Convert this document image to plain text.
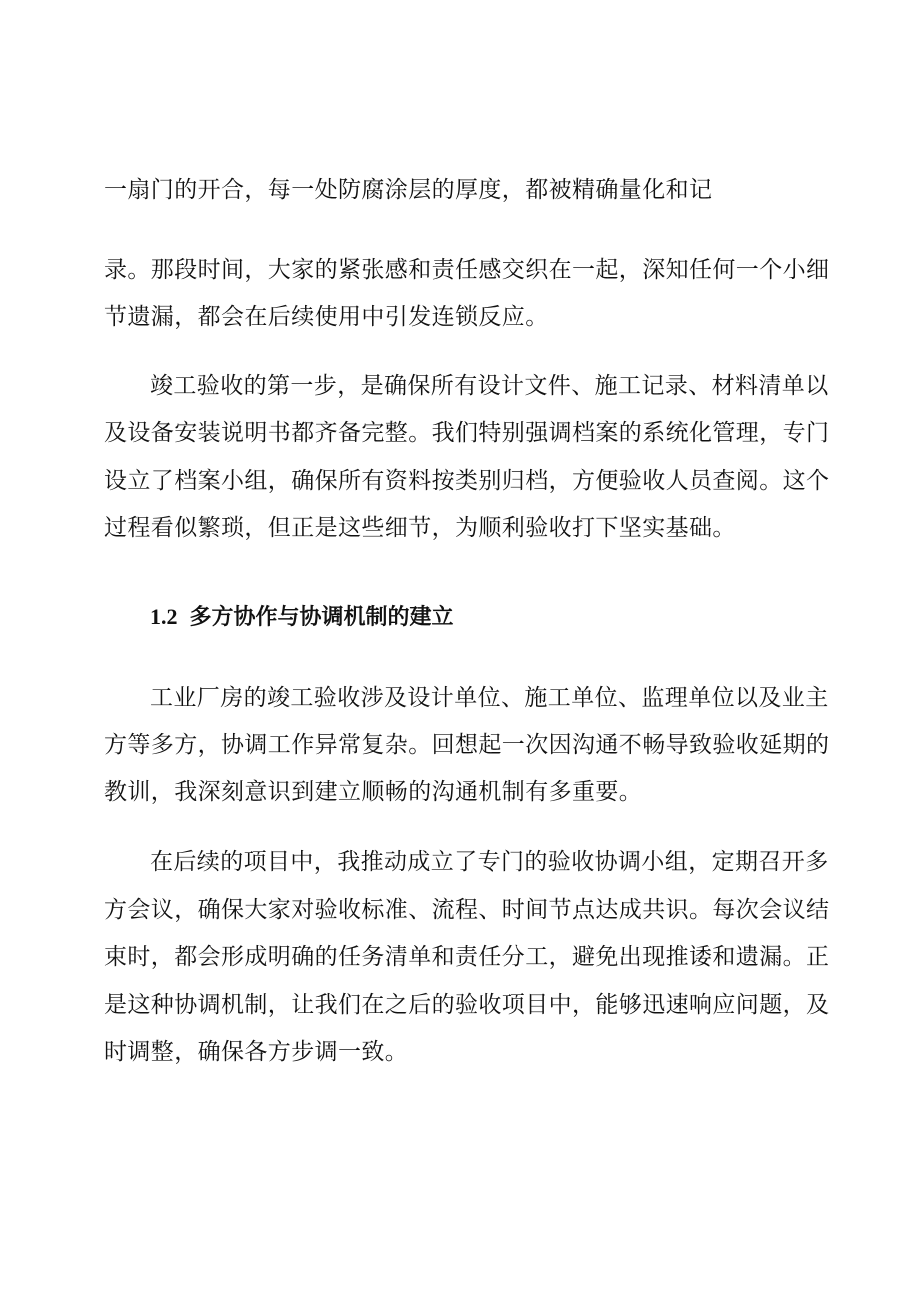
一扇门的开合，每一处防腐涂层的厚度，都被精确量化和记
录。那段时间，大家的紧张感和责任感交织在一起，深知任何一个小细
节遗漏，都会在后续使用中引发连锁反应。
竣工验收的第一步，是确保所有设计文件、施工记录、材料清单以
及设备安装说明书都齐备完整。我们特别强调档案的系统化管理，专门
设立了档案小组，确保所有资料按类别归档，方便验收人员查阅。这个
过程看似繁琐，但正是这些细节，为顺利验收打下坚实基础。
1.2 多方协作与协调机制的建立
工业厂房的竣工验收涉及设计单位、施工单位、监理单位以及业主
方等多方，协调工作异常复杂。回想起一次因沟通不畅导致验收延期的
教训，我深刻意识到建立顺畅的沟通机制有多重要。
在后续的项目中，我推动成立了专门的验收协调小组，定期召开多
方会议，确保大家对验收标准、流程、时间节点达成共识。每次会议结
束时，都会形成明确的任务清单和责任分工，避免出现推诿和遗漏。正
是这种协调机制，让我们在之后的验收项目中，能够迅速响应问题，及
时调整，确保各方步调一致。
